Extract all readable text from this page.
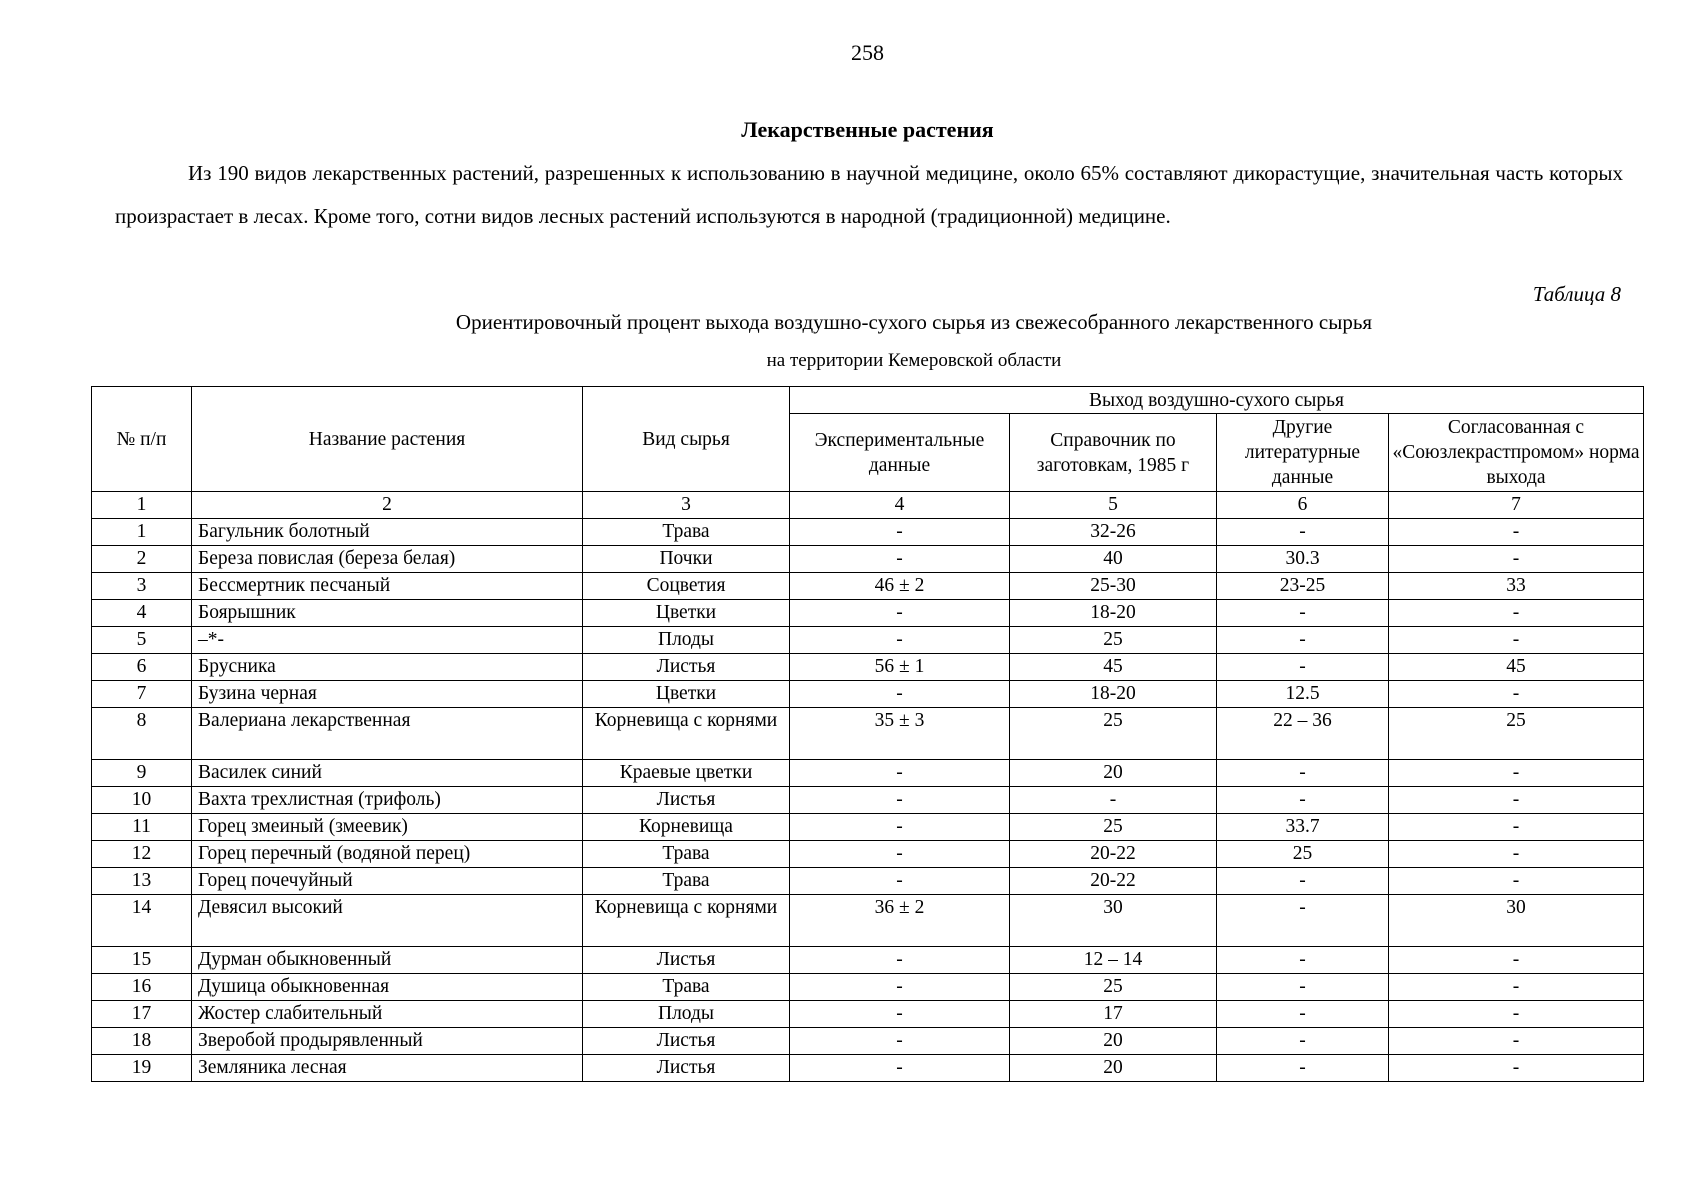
258
Лекарственные растения

Из 190 видов лекарственных растений, разрешенных к использованию в научной медицине, около 65% составляют дикорастущие, значительная часть которых произрастает в лесах. Кроме того, сотни видов лесных растений используются в народной (традиционной) медицине.

Таблица 8
Ориентировочный процент выхода воздушно-сухого сырья из свежесобранного лекарственного сырья
на территории Кемеровской области
№ п/п	Название растения	Вид сырья	Выход воздушно-сухого сырья			
			Экспериментальные данные	Справочник по заготовкам, 1985 г	Другие литературные данные	Согласованная с «Союзлекрастпромом» норма выхода
1	2	3	4	5	6	7
1	Багульник болотный	Трава	-	32-26	-	-
2	Береза повислая (береза белая)	Почки	-	40	30.3	-
3	Бессмертник песчаный	Соцветия	46 ± 2	25-30	23-25	33
4	Боярышник	Цветки	-	18-20	-	-
5	–*-	Плоды	-	25	-	-
6	Брусника	Листья	56 ± 1	45	-	45
7	Бузина черная	Цветки	-	18-20	12.5	-
8	Валериана лекарственная	Корневища с корнями	35 ± 3	25	22 – 36	25
9	Василек синий	Краевые цветки	-	20	-	-
10	Вахта трехлистная (трифоль)	Листья	-	-	-	-
11	Горец змеиный (змеевик)	Корневища	-	25	33.7	-
12	Горец перечный (водяной перец)	Трава	-	20-22	25	-
13	Горец почечуйный	Трава	-	20-22	-	-
14	Девясил высокий	Корневища с корнями	36 ± 2	30	-	30
15	Дурман обыкновенный	Листья	-	12 – 14	-	-
16	Душица обыкновенная	Трава	-	25	-	-
17	Жостер слабительный	Плоды	-	17	-	-
18	Зверобой продырявленный	Листья	-	20	-	-
19	Земляника лесная	Листья	-	20	-	-
